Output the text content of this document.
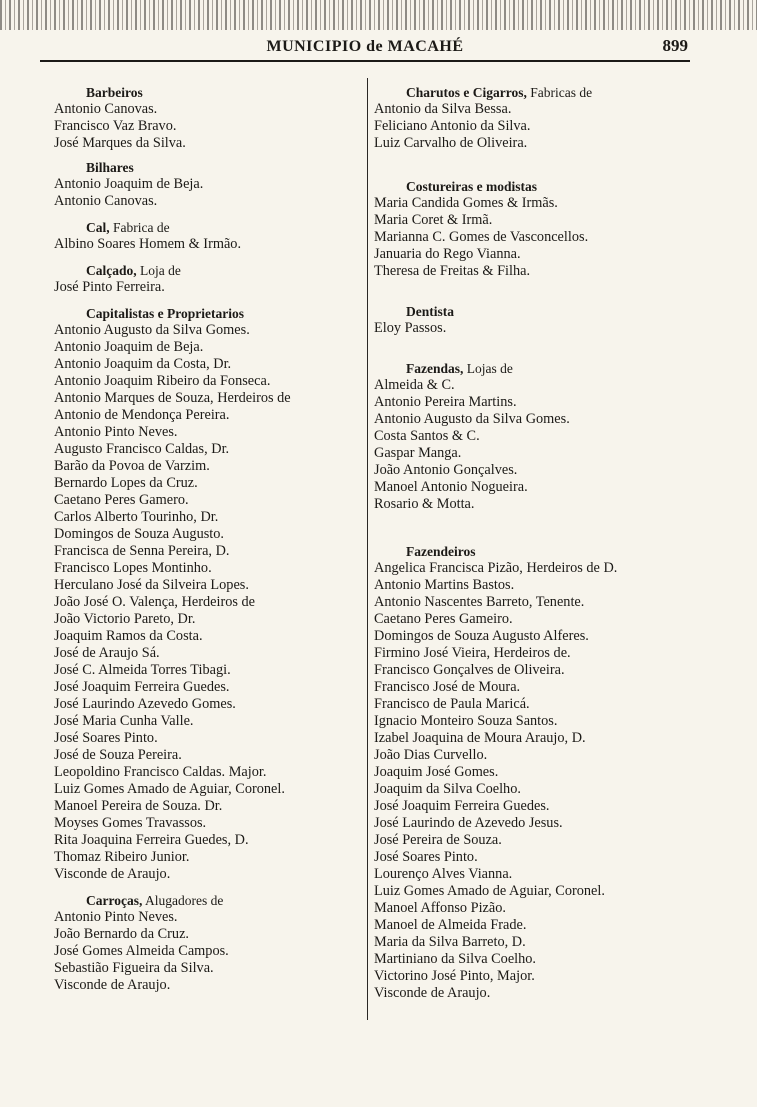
MUNICIPIO de MACAHÉ	899
Barbeiros
Antonio Canovas.
Francisco Vaz Bravo.
José Marques da Silva.
Bilhares
Antonio Joaquim de Beja.
Antonio Canovas.
Cal, Fabrica de
Albino Soares Homem & Irmão.
Calçado, Loja de
José Pinto Ferreira.
Capitalistas e Proprietarios
Antonio Augusto da Silva Gomes.
Antonio Joaquim de Beja.
Antonio Joaquim da Costa, Dr.
Antonio Joaquim Ribeiro da Fonseca.
Antonio Marques de Souza, Herdeiros de
Antonio de Mendonça Pereira.
Antonio Pinto Neves.
Augusto Francisco Caldas, Dr.
Barão da Povoa de Varzim.
Bernardo Lopes da Cruz.
Caetano Peres Gamero.
Carlos Alberto Tourinho, Dr.
Domingos de Souza Augusto.
Francisca de Senna Pereira, D.
Francisco Lopes Montinho.
Herculano José da Silveira Lopes.
João José O. Valença, Herdeiros de
João Victorio Pareto, Dr.
Joaquim Ramos da Costa.
José de Araujo Sá.
José C. Almeida Torres Tibagi.
José Joaquim Ferreira Guedes.
José Laurindo Azevedo Gomes.
José Maria Cunha Valle.
José Soares Pinto.
José de Souza Pereira.
Leopoldino Francisco Caldas. Major.
Luiz Gomes Amado de Aguiar, Coronel.
Manoel Pereira de Souza. Dr.
Moyses Gomes Travassos.
Rita Joaquina Ferreira Guedes, D.
Thomaz Ribeiro Junior.
Visconde de Araujo.
Carroças, Alugadores de
Antonio Pinto Neves.
João Bernardo da Cruz.
José Gomes Almeida Campos.
Sebastião Figueira da Silva.
Visconde de Araujo.
Charutos e Cigarros, Fabricas de
Antonio da Silva Bessa.
Feliciano Antonio da Silva.
Luiz Carvalho de Oliveira.
Costureiras e modistas
Maria Candida Gomes & Irmãs.
Maria Coret & Irmã.
Marianna C. Gomes de Vasconcellos.
Januaria do Rego Vianna.
Theresa de Freitas & Filha.
Dentista
Eloy Passos.
Fazendas, Lojas de
Almeida & C.
Antonio Pereira Martins.
Antonio Augusto da Silva Gomes.
Costa Santos & C.
Gaspar Manga.
João Antonio Gonçalves.
Manoel Antonio Nogueira.
Rosario & Motta.
Fazendeiros
Angelica Francisca Pizão, Herdeiros de D.
Antonio Martins Bastos.
Antonio Nascentes Barreto, Tenente.
Caetano Peres Gameiro.
Domingos de Souza Augusto Alferes.
Firmino José Vieira, Herdeiros de.
Francisco Gonçalves de Oliveira.
Francisco José de Moura.
Francisco de Paula Maricá.
Ignacio Monteiro Souza Santos.
Izabel Joaquina de Moura Araujo, D.
João Dias Curvello.
Joaquim José Gomes.
Joaquim da Silva Coelho.
José Joaquim Ferreira Guedes.
José Laurindo de Azevedo Jesus.
José Pereira de Souza.
José Soares Pinto.
Lourenço Alves Vianna.
Luiz Gomes Amado de Aguiar, Coronel.
Manoel Affonso Pizão.
Manoel de Almeida Frade.
Maria da Silva Barreto, D.
Martiniano da Silva Coelho.
Victorino José Pinto, Major.
Visconde de Araujo.
